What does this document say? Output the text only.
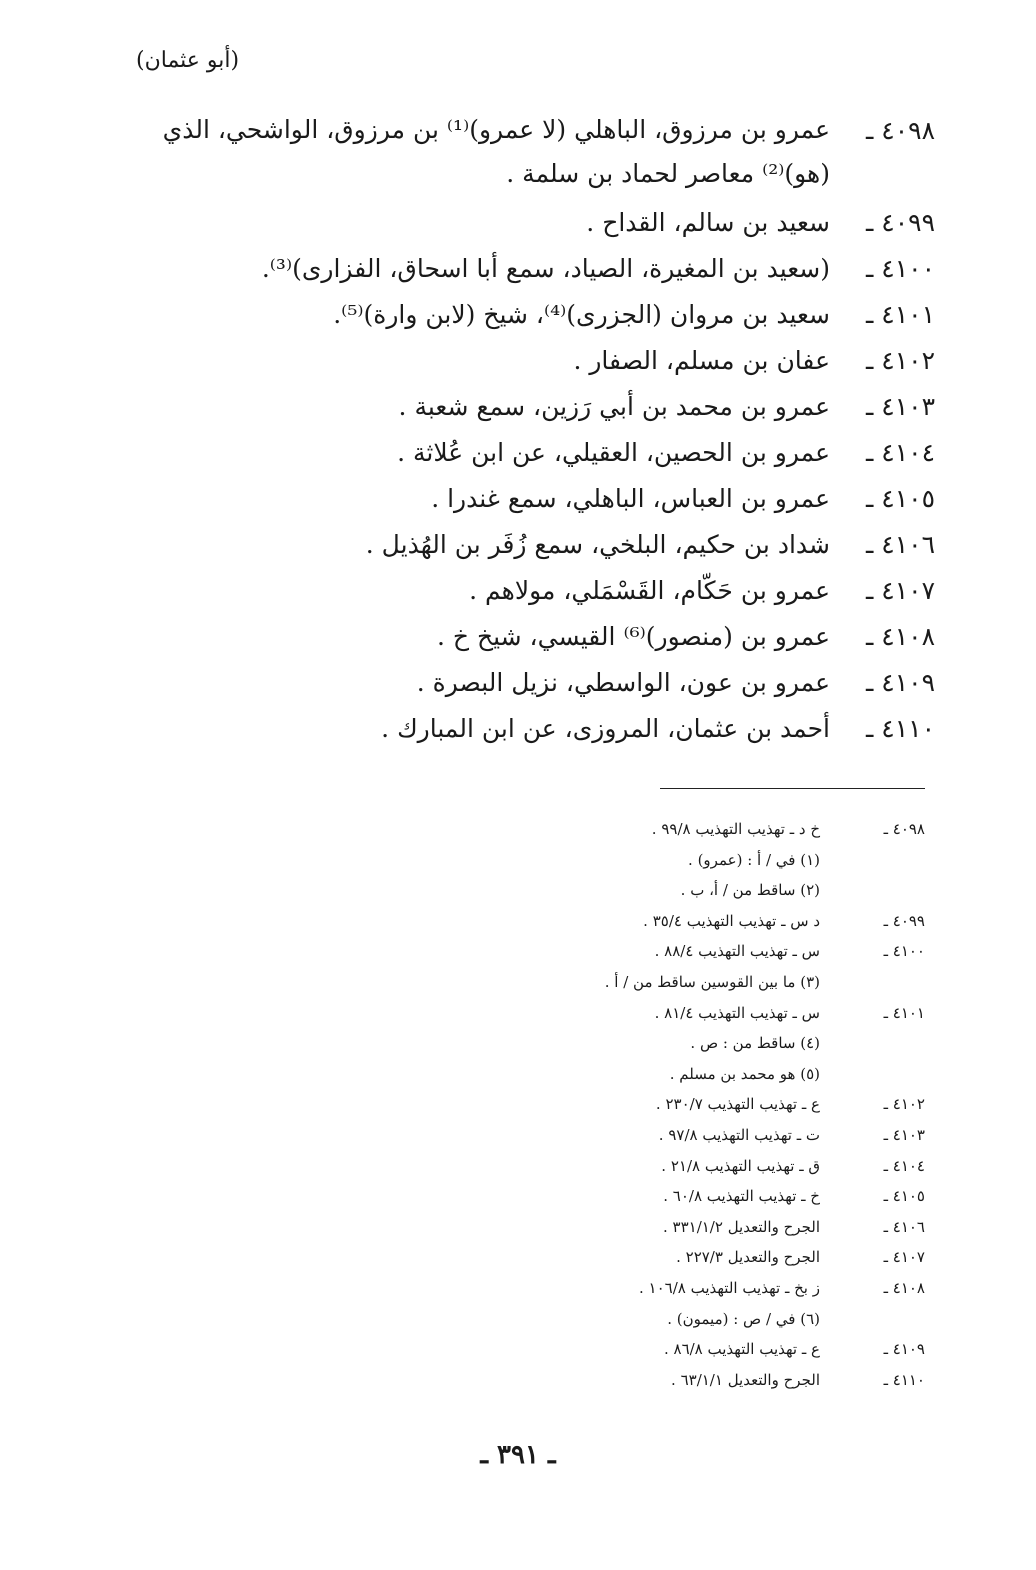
(أبو عثمان)
٤٠٩٨ ـ
عمرو بن مرزوق، الباهلي (لا عمرو)⁽¹⁾ بن مرزوق، الواشحي، الذي (هو)⁽²⁾ معاصر لحماد بن سلمة .
٤٠٩٩ ـ
سعيد بن سالم، القداح .
٤١٠٠ ـ
(سعيد بن المغيرة، الصياد، سمع أبا اسحاق، الفزارى)⁽³⁾.
٤١٠١ ـ
سعيد بن مروان (الجزرى)⁽⁴⁾، شيخ (لابن وارة)⁽⁵⁾.
٤١٠٢ ـ
عفان بن مسلم، الصفار .
٤١٠٣ ـ
عمرو بن محمد بن أبي رَزين، سمع شعبة .
٤١٠٤ ـ
عمرو بن الحصين، العقيلي، عن ابن عُلاثة .
٤١٠٥ ـ
عمرو بن العباس، الباهلي، سمع غندرا .
٤١٠٦ ـ
شداد بن حكيم، البلخي، سمع زُفَر بن الهُذيل .
٤١٠٧ ـ
عمرو بن حَكّام، القَسْمَلي، مولاهم .
٤١٠٨ ـ
عمرو بن (منصور)⁽⁶⁾ القيسي، شيخ خ .
٤١٠٩ ـ
عمرو بن عون، الواسطي، نزيل البصرة .
٤١١٠ ـ
أحمد بن عثمان، المروزى، عن ابن المبارك .
٤٠٩٨ ـ
خ د ـ تهذيب التهذيب ٩٩/٨ .
(١) في / أ : (عمرو) .
(٢) ساقط من / أ، ب .
٤٠٩٩ ـ
د س ـ تهذيب التهذيب ٣٥/٤ .
٤١٠٠ ـ
س ـ تهذيب التهذيب ٨٨/٤ .
(٣) ما بين القوسين ساقط من / أ .
٤١٠١ ـ
س ـ تهذيب التهذيب ٨١/٤ .
(٤) ساقط من : ص .
(٥) هو محمد بن مسلم .
٤١٠٢ ـ
ع ـ تهذيب التهذيب ٢٣٠/٧ .
٤١٠٣ ـ
ت ـ تهذيب التهذيب ٩٧/٨ .
٤١٠٤ ـ
ق ـ تهذيب التهذيب ٢١/٨ .
٤١٠٥ ـ
خ ـ تهذيب التهذيب ٦٠/٨ .
٤١٠٦ ـ
الجرح والتعديل ٣٣١/١/٢ .
٤١٠٧ ـ
الجرح والتعديل ٢٢٧/٣ .
٤١٠٨ ـ
ز بخ ـ تهذيب التهذيب ١٠٦/٨ .
(٦) في / ص : (ميمون) .
٤١٠٩ ـ
ع ـ تهذيب التهذيب ٨٦/٨ .
٤١١٠ ـ
الجرح والتعديل ٦٣/١/١ .
ـ ٣٩١ ـ
